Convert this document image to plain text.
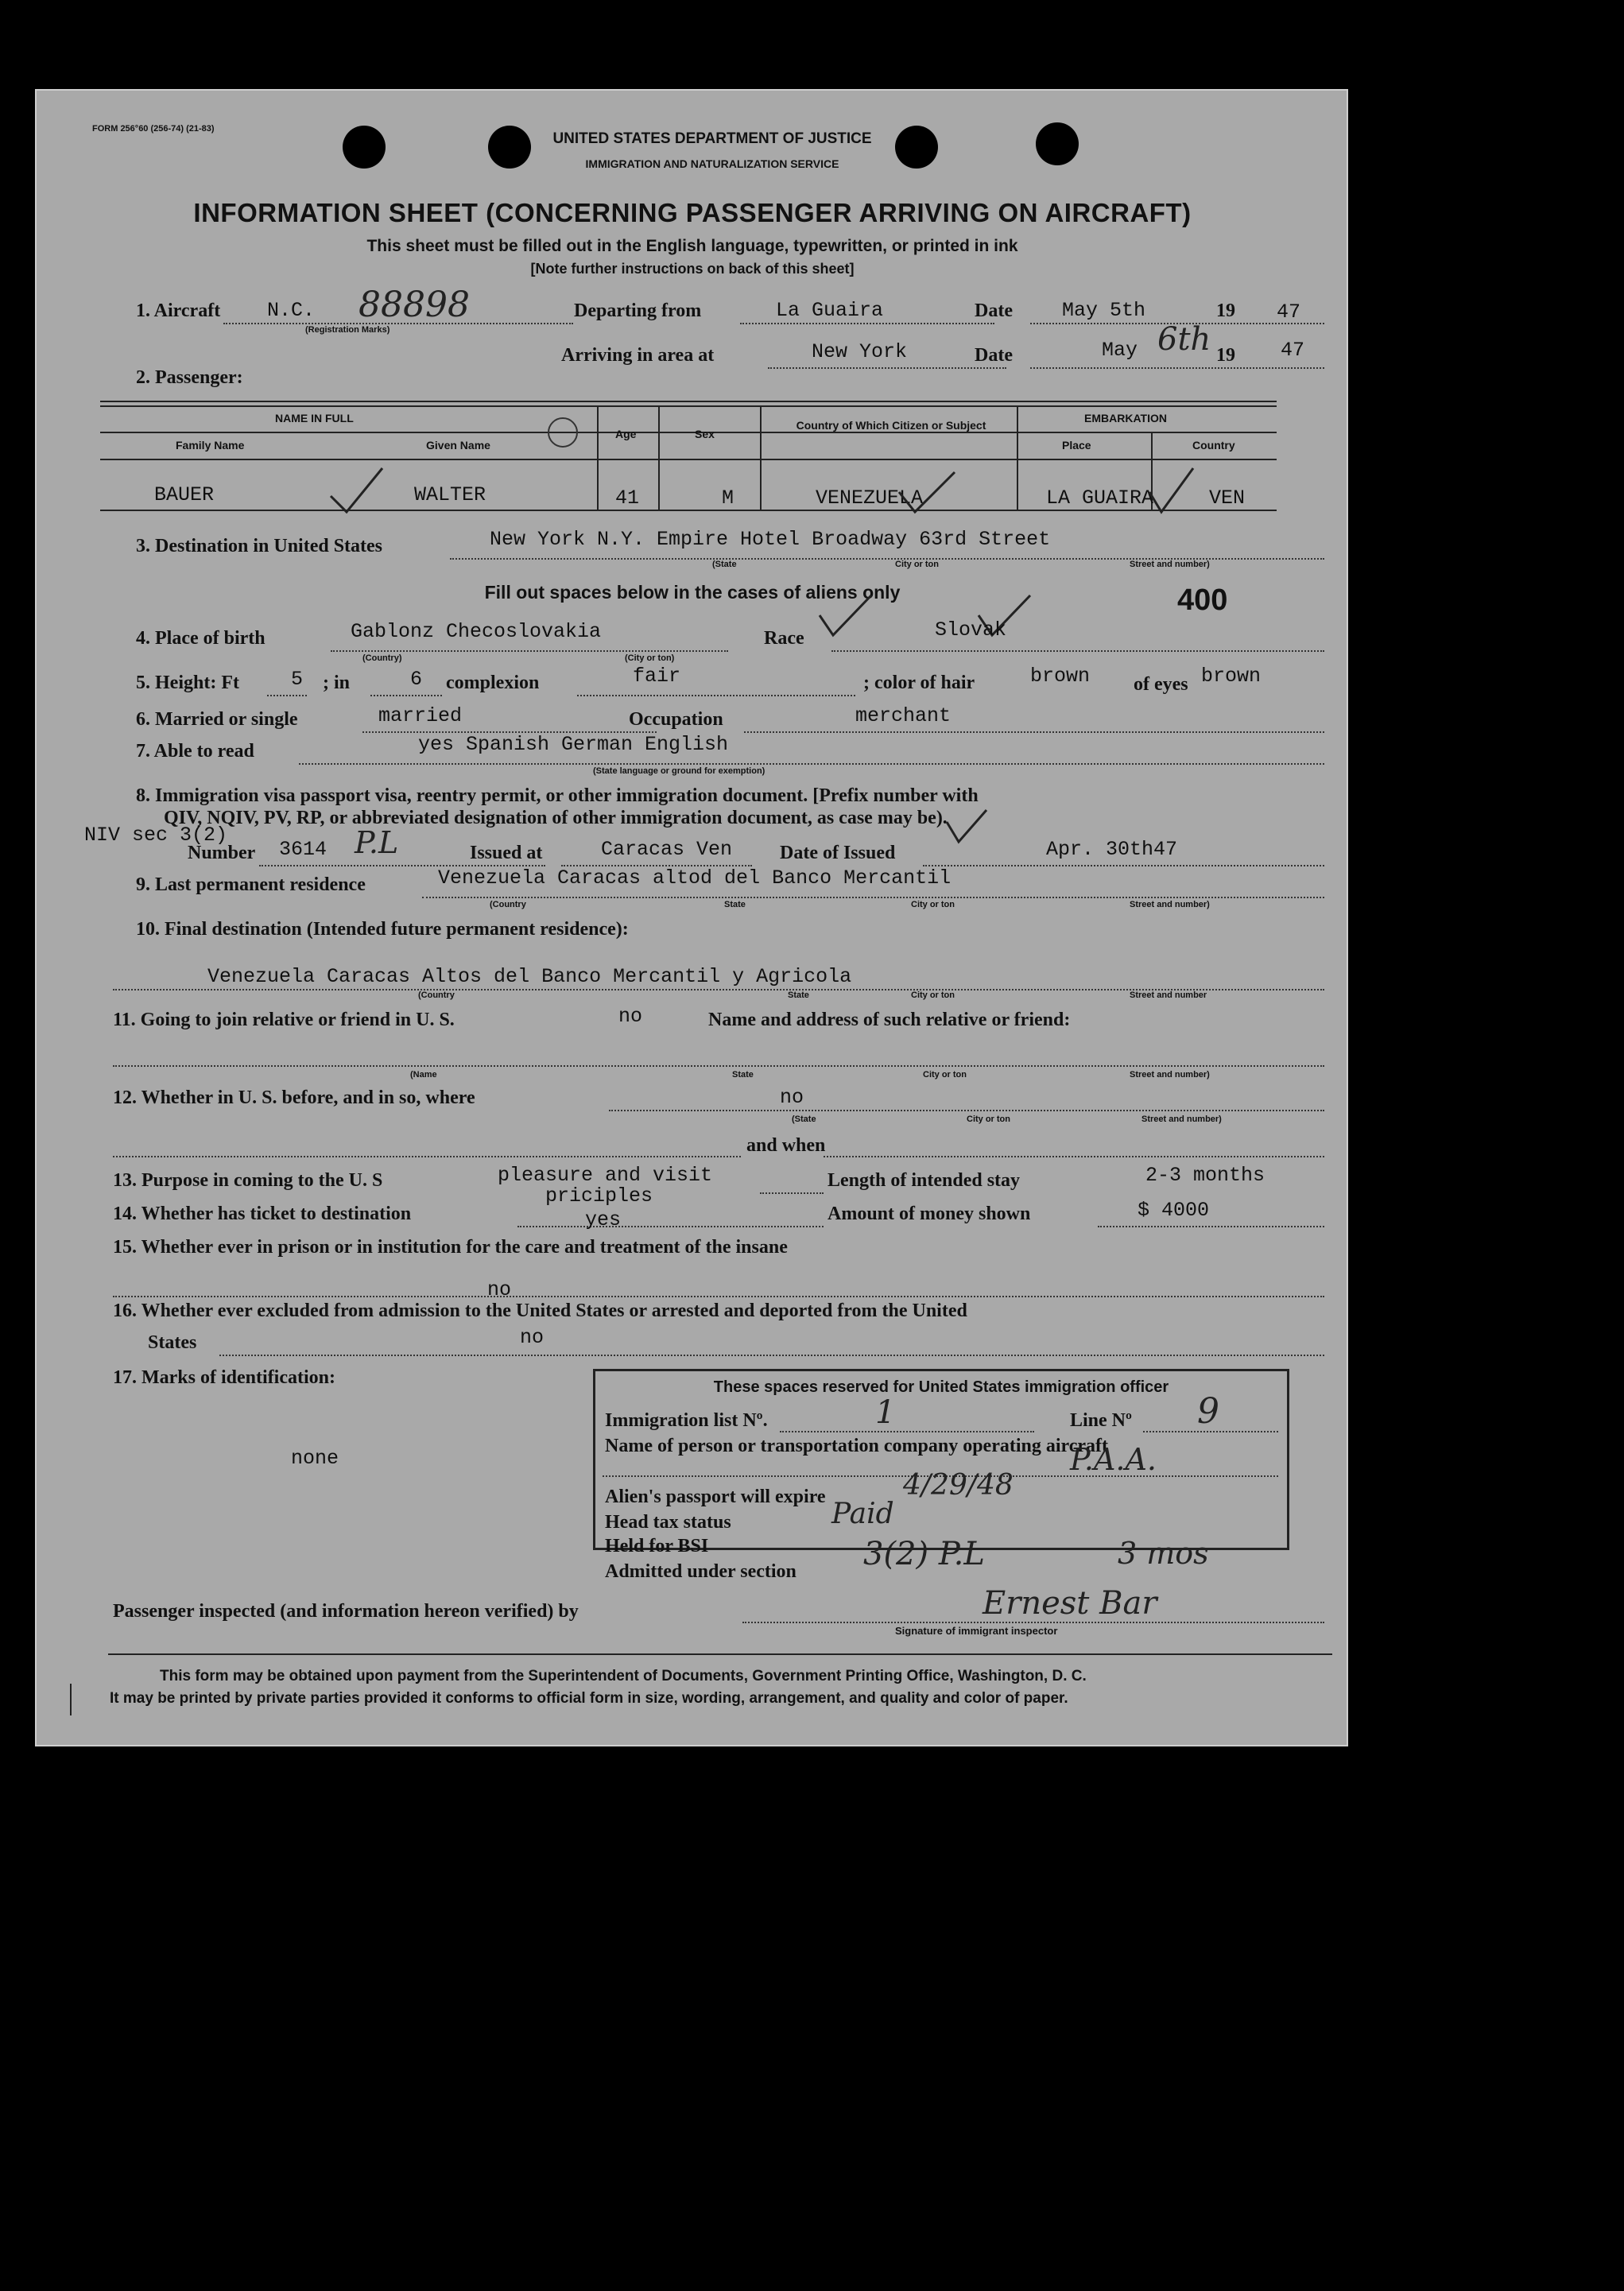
FORM 256°60 (256-74) (21-83)
UNITED STATES DEPARTMENT OF JUSTICE
IMMIGRATION AND NATURALIZATION SERVICE
INFORMATION SHEET (CONCERNING PASSENGER ARRIVING ON AIRCRAFT)
This sheet must be filled out in the English language, typewritten, or printed in ink
[Note further instructions on back of this sheet]
1. Aircraft N.C. 88898
(Registration Marks)
Departing from	La Guaira	Date May 5th	19 47
Arriving in area at	New York	Date	May 6th 19 47
2. Passenger:
NAME IN FULL
Family Name	Given Name
Age	Sex
Country of Which Citizen or Subject
EMBARKATION
Place	Country
BAUER	WALTER	41	M	VENEZUELA	LA GUAIRA	VEN
3. Destination in United States	New York N.Y. Empire Hotel Broadway 63rd Street
(State	City or ton	Street and number)
Fill out spaces below in the cases of aliens only	400
4. Place of birth	Gablonz Checoslovakia
(Country)	(City or ton)
Race	Slovak
5. Height: Ft	5 ; in	6 complexion	fair	; color of hair	brown of eyes brown
6. Married or single	married	Occupation	merchant
7. Able to read	yes Spanish German English
(State language or ground for exemption)
8. Immigration visa passport visa, reentry permit, or other immigration document. [Prefix number with
QIV, NQIV, PV, RP, or abbreviated designation of other immigration document, as case may be).
NIV sec 3(2)
Number 3614 P.L	Issued at	Caracas Ven Date of Issued	Apr. 30th47
9. Last permanent residence	Venezuela Caracas altod del Banco Mercantil
(Country	State	City or ton	Street and number)
10. Final destination (Intended future permanent residence):
Venezuela Caracas Altos del Banco Mercantil y Agricola
(Country	State	City or ton	Street and number
11. Going to join relative or friend in U. S.	no	Name and address of such relative or friend:
(Name	State	City or ton	Street and number)
12. Whether in U. S. before, and in so, where	no
(State	City or ton	Street and number)
and when
13. Purpose in coming to the U. S	pleasure and visit
priciples
Length of intended stay	2-3 months
14. Whether has ticket to destination	yes	Amount of money shown	$ 4000
15. Whether ever in prison or in institution for the care and treatment of the insane
no
16. Whether ever excluded from admission to the United States or arrested and deported from the United
States	no
17. Marks of identification:
none
These spaces reserved for United States immigration officer
Immigration list Nº.	1	Line Nº 9
Name of person or transportation company operating aircraft
P.A.A.
Alien's passport will expire	4/29/48
Head tax status	Paid
Held for BSI
Admitted under section 3(2) P.L	3 mos
Passenger inspected (and information hereon verified) by	Ernest Bar
Signature of immigrant inspector
This form may be obtained upon payment from the Superintendent of Documents, Government Printing Office, Washington, D. C.
It may be printed by private parties provided it conforms to official form in size, wording, arrangement, and quality and color of paper.
